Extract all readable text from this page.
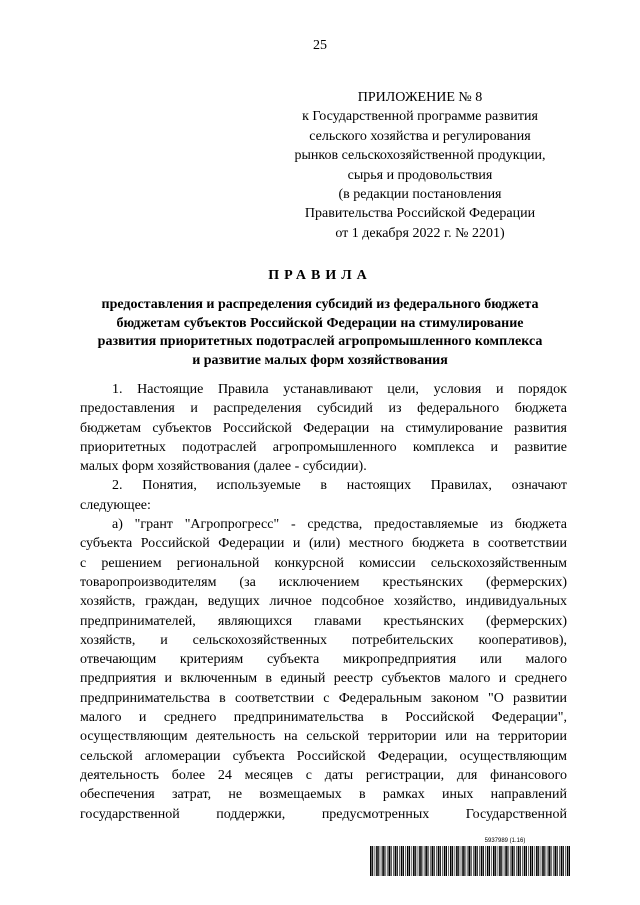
25
ПРИЛОЖЕНИЕ № 8
к Государственной программе развития
сельского хозяйства и регулирования
рынков сельскохозяйственной продукции,
сырья и продовольствия
(в редакции постановления
Правительства Российской Федерации
от 1 декабря 2022 г. № 2201)
ПРАВИЛА
предоставления и распределения субсидий из федерального бюджета
бюджетам субъектов Российской Федерации на стимулирование
развития приоритетных подотраслей агропромышленного комплекса
и развитие малых форм хозяйствования
1. Настоящие Правила устанавливают цели, условия и порядок
предоставления и распределения субсидий из федерального бюджета
бюджетам субъектов Российской Федерации на стимулирование развития
приоритетных подотраслей агропромышленного комплекса и развитие
малых форм хозяйствования (далее - субсидии).
2. Понятия, используемые в настоящих Правилах, означают
следующее:
а) "грант "Агропрогресс" - средства, предоставляемые из бюджета
субъекта Российской Федерации и (или) местного бюджета в соответствии
с решением региональной конкурсной комиссии сельскохозяйственным
товаропроизводителям (за исключением крестьянских (фермерских)
хозяйств, граждан, ведущих личное подсобное хозяйство, индивидуальных
предпринимателей, являющихся главами крестьянских (фермерских)
хозяйств, и сельскохозяйственных потребительских кооперативов),
отвечающим критериям субъекта микропредприятия или малого
предприятия и включенным в единый реестр субъектов малого и среднего
предпринимательства в соответствии с Федеральным законом "О развитии
малого и среднего предпринимательства в Российской Федерации",
осуществляющим деятельность на сельской территории или на территории
сельской агломерации субъекта Российской Федерации, осуществляющим
деятельность более 24 месяцев с даты регистрации, для финансового
обеспечения затрат, не возмещаемых в рамках иных направлений
государственной поддержки, предусмотренных Государственной
5937989 (1.16)
